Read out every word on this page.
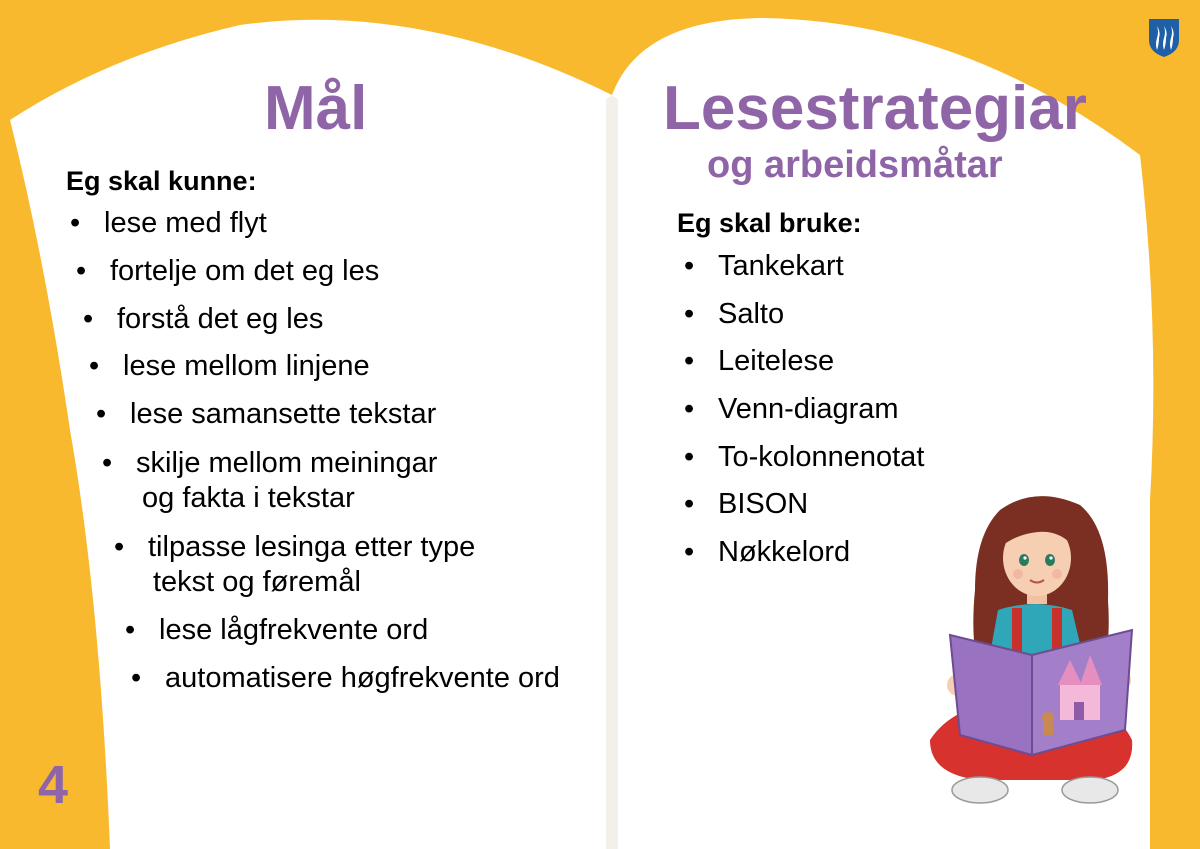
Mål
Eg skal kunne:
• lese med flyt
• fortelje om det eg les
• forstå det eg les
• lese mellom linjene
• lese samansette tekstar
• skilje mellom meiningar
og fakta i tekstar
• tilpasse lesinga etter type
tekst og føremål
• lese lågfrekvente ord
• automatisere høgfrekvente ord

4

Lesestrategiar
og arbeidsmåtar
Eg skal bruke:
• Tankekart
• Salto
• Leitelese
• Venn-diagram
• To-kolonnenotat
• BISON
• Nøkkelord
